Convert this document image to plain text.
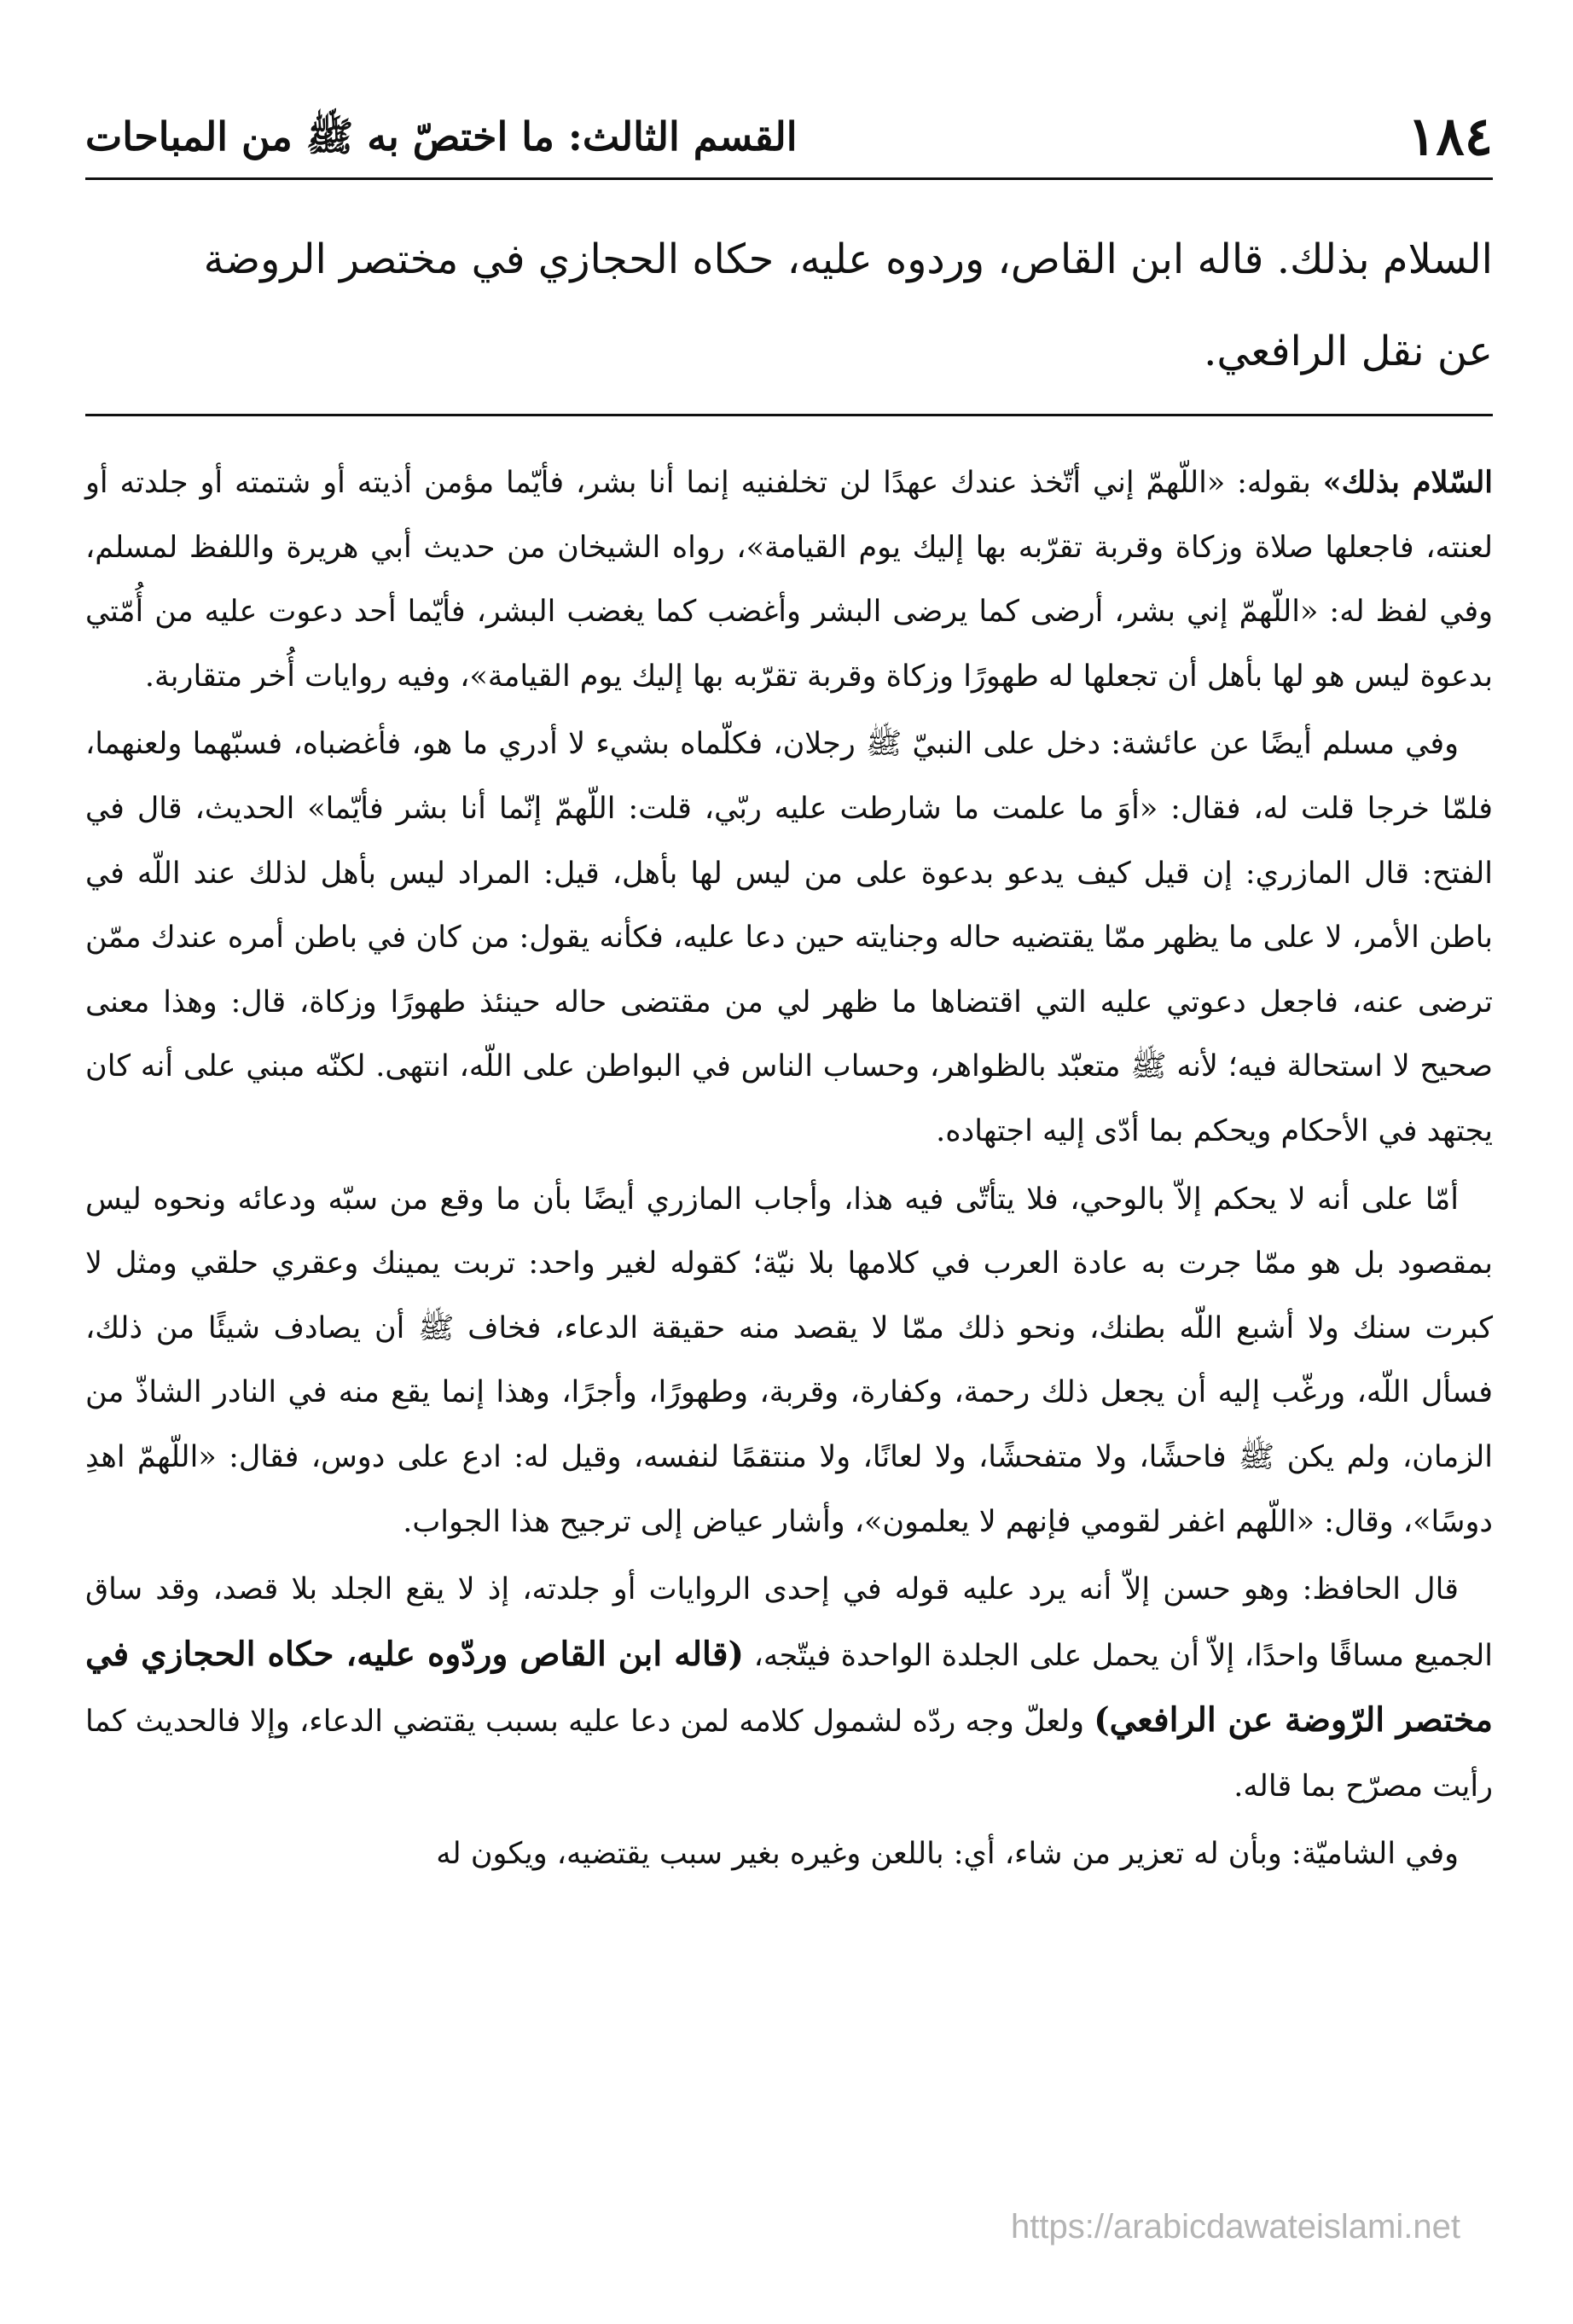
١٨٤
القسم الثالث: ما اختصّ به ﷺ من المباحات

السلام بذلك. قاله ابن القاص، وردوه عليه، حكاه الحجازي في مختصر الروضة

عن نقل الرافعي.

السّلام بذلك» بقوله: «اللّهمّ إني أتّخذ عندك عهدًا لن تخلفنيه إنما أنا بشر، فأيّما مؤمن أذيته أو شتمته أو جلدته أو لعنته، فاجعلها صلاة وزكاة وقربة تقرّبه بها إليك يوم القيامة»، رواه الشيخان من حديث أبي هريرة واللفظ لمسلم، وفي لفظ له: «اللّهمّ إني بشر، أرضى كما يرضى البشر وأغضب كما يغضب البشر، فأيّما أحد دعوت عليه من أُمّتي بدعوة ليس هو لها بأهل أن تجعلها له طهورًا وزكاة وقربة تقرّبه بها إليك يوم القيامة»، وفيه روايات أُخر متقاربة.

وفي مسلم أيضًا عن عائشة: دخل على النبيّ ﷺ رجلان، فكلّماه بشيء لا أدري ما هو، فأغضباه، فسبّهما ولعنهما، فلمّا خرجا قلت له، فقال: «أوَ ما علمت ما شارطت عليه ربّي، قلت: اللّهمّ إنّما أنا بشر فأيّما» الحديث، قال في الفتح: قال المازري: إن قيل كيف يدعو بدعوة على من ليس لها بأهل، قيل: المراد ليس بأهل لذلك عند اللّه في باطن الأمر، لا على ما يظهر ممّا يقتضيه حاله وجنايته حين دعا عليه، فكأنه يقول: من كان في باطن أمره عندك ممّن ترضى عنه، فاجعل دعوتي عليه التي اقتضاها ما ظهر لي من مقتضى حاله حينئذ طهورًا وزكاة، قال: وهذا معنى صحيح لا استحالة فيه؛ لأنه ﷺ متعبّد بالظواهر، وحساب الناس في البواطن على اللّه، انتهى. لكنّه مبني على أنه كان يجتهد في الأحكام ويحكم بما أدّى إليه اجتهاده.

أمّا على أنه لا يحكم إلاّ بالوحي، فلا يتأتّى فيه هذا، وأجاب المازري أيضًا بأن ما وقع من سبّه ودعائه ونحوه ليس بمقصود بل هو ممّا جرت به عادة العرب في كلامها بلا نيّة؛ كقوله لغير واحد: تربت يمينك وعقري حلقي ومثل لا كبرت سنك ولا أشبع اللّه بطنك، ونحو ذلك ممّا لا يقصد منه حقيقة الدعاء، فخاف ﷺ أن يصادف شيئًا من ذلك، فسأل اللّه، ورغّب إليه أن يجعل ذلك رحمة، وكفارة، وقربة، وطهورًا، وأجرًا، وهذا إنما يقع منه في النادر الشاذّ من الزمان، ولم يكن ﷺ فاحشًا، ولا متفحشًا، ولا لعانًا، ولا منتقمًا لنفسه، وقيل له: ادع على دوس، فقال: «اللّهمّ اهدِ دوسًا»، وقال: «اللّهم اغفر لقومي فإنهم لا يعلمون»، وأشار عياض إلى ترجيح هذا الجواب.

قال الحافظ: وهو حسن إلاّ أنه يرد عليه قوله في إحدى الروايات أو جلدته، إذ لا يقع الجلد بلا قصد، وقد ساق الجميع مساقًا واحدًا، إلاّ أن يحمل على الجلدة الواحدة فيتّجه، (قاله ابن القاص وردّوه عليه، حكاه الحجازي في مختصر الرّوضة عن الرافعي) ولعلّ وجه ردّه لشمول كلامه لمن دعا عليه بسبب يقتضي الدعاء، وإلا فالحديث كما رأيت مصرّح بما قاله.

وفي الشاميّة: وبأن له تعزير من شاء، أي: باللعن وغيره بغير سبب يقتضيه، ويكون له

https://arabicdawateislami.net
